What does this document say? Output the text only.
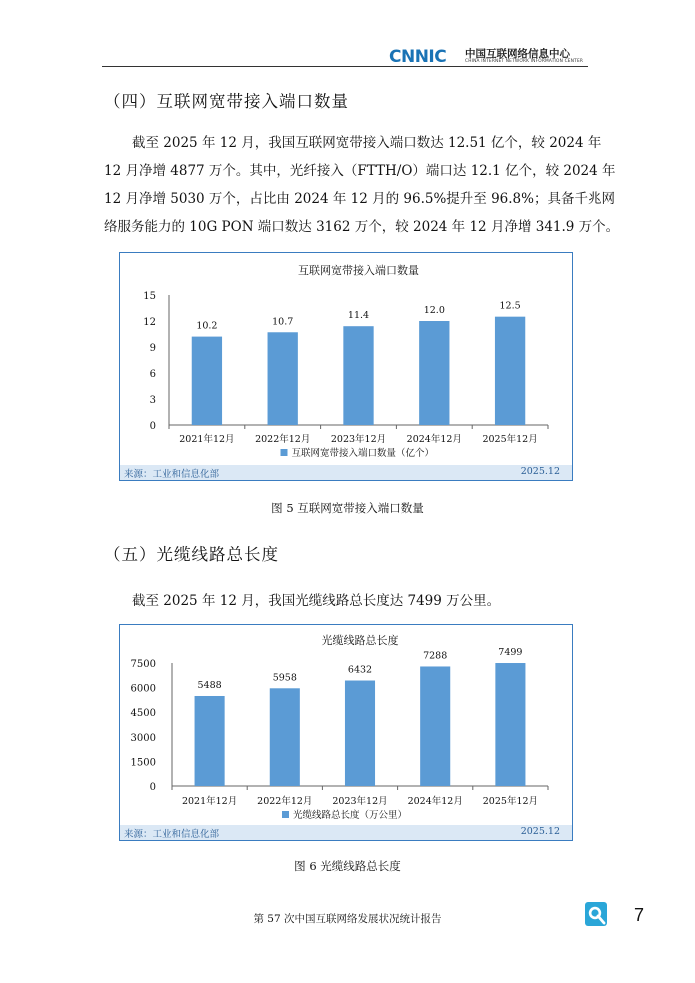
CNNIC 中国互联网络信息中心
CHINA INTERNET NETWORK INFORMATION CENTER
（四）互联网宽带接入端口数量
截至 2025 年 12 月，我国互联网宽带接入端口数达 12.51 亿个，较 2024 年
12 月净增 4877 万个。其中，光纤接入（FTTH/O）端口达 12.1 亿个，较 2024 年
12 月净增 5030 万个，占比由 2024 年 12 月的 96.5%提升至 96.8%；具备千兆网
络服务能力的 10G PON 端口数达 3162 万个，较 2024 年 12 月净增 341.9 万个。
互联网宽带接入端口数量
0
3
6
9
12
15
10.2
2021年12月
10.7
2022年12月
11.4
2023年12月
12.0
2024年12月
12.5
2025年12月
互联网宽带接入端口数量（亿个）
来源：工业和信息化部	2025.12
图 5 互联网宽带接入端口数量
（五）光缆线路总长度
截至 2025 年 12 月，我国光缆线路总长度达 7499 万公里。
光缆线路总长度
0
1500
3000
4500
6000
7500
5488
2021年12月
5958
2022年12月
6432
2023年12月
7288
2024年12月
7499
2025年12月
光缆线路总长度（万公里）
来源：工业和信息化部	2025.12
图 6 光缆线路总长度
第 57 次中国互联网络发展状况统计报告	7
